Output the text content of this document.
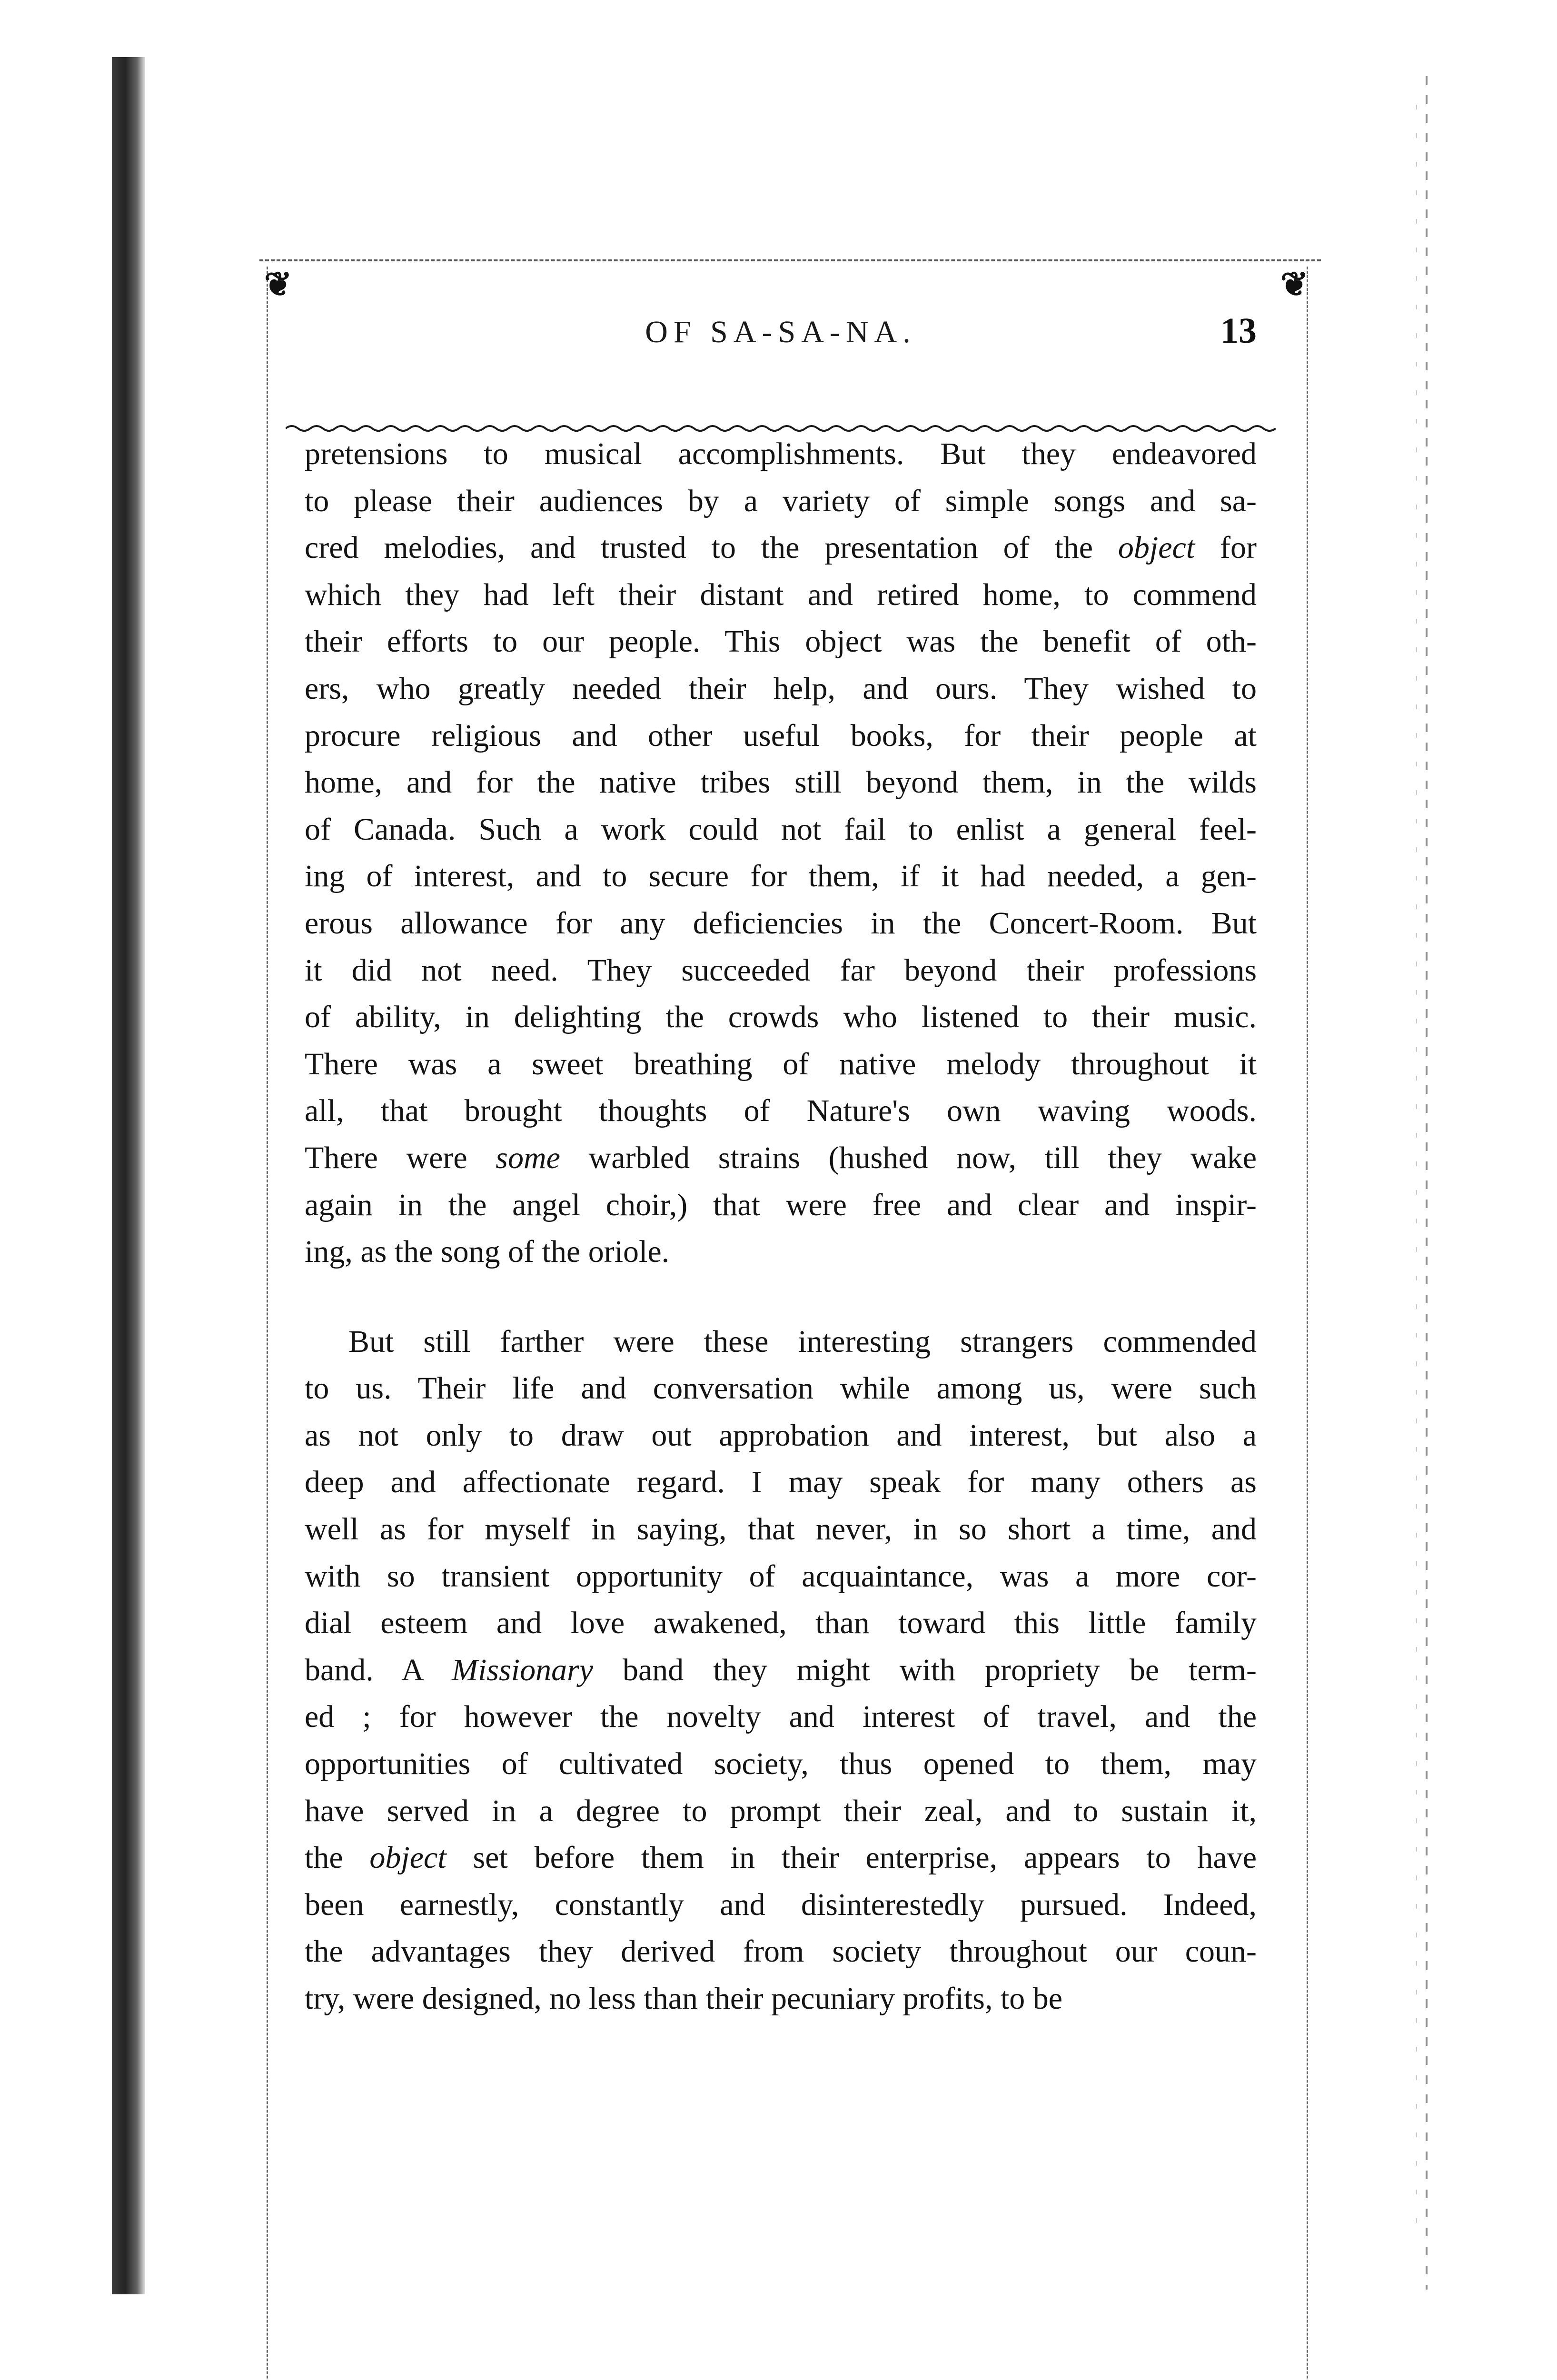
❦	❦
OF SA-SA-NA.	13
pretensions to musical accomplishments. But they endeavored
to please their audiences by a variety of simple songs and sa-
cred melodies, and trusted to the presentation of the object for
which they had left their distant and retired home, to commend
their efforts to our people. This object was the benefit of oth-
ers, who greatly needed their help, and ours. They wished to
procure religious and other useful books, for their people at
home, and for the native tribes still beyond them, in the wilds
of Canada. Such a work could not fail to enlist a general feel-
ing of interest, and to secure for them, if it had needed, a gen-
erous allowance for any deficiencies in the Concert-Room. But
it did not need. They succeeded far beyond their professions
of ability, in delighting the crowds who listened to their music.
There was a sweet breathing of native melody throughout it
all, that brought thoughts of Nature's own waving woods.
There were some warbled strains (hushed now, till they wake
again in the angel choir,) that were free and clear and inspir-
ing, as the song of the oriole.
But still farther were these interesting strangers commended
to us. Their life and conversation while among us, were such
as not only to draw out approbation and interest, but also a
deep and affectionate regard. I may speak for many others as
well as for myself in saying, that never, in so short a time, and
with so transient opportunity of acquaintance, was a more cor-
dial esteem and love awakened, than toward this little family
band. A Missionary band they might with propriety be term-
ed ; for however the novelty and interest of travel, and the
opportunities of cultivated society, thus opened to them, may
have served in a degree to prompt their zeal, and to sustain it,
the object set before them in their enterprise, appears to have
been earnestly, constantly and disinterestedly pursued. Indeed,
the advantages they derived from society throughout our coun-
try, were designed, no less than their pecuniary profits, to be
